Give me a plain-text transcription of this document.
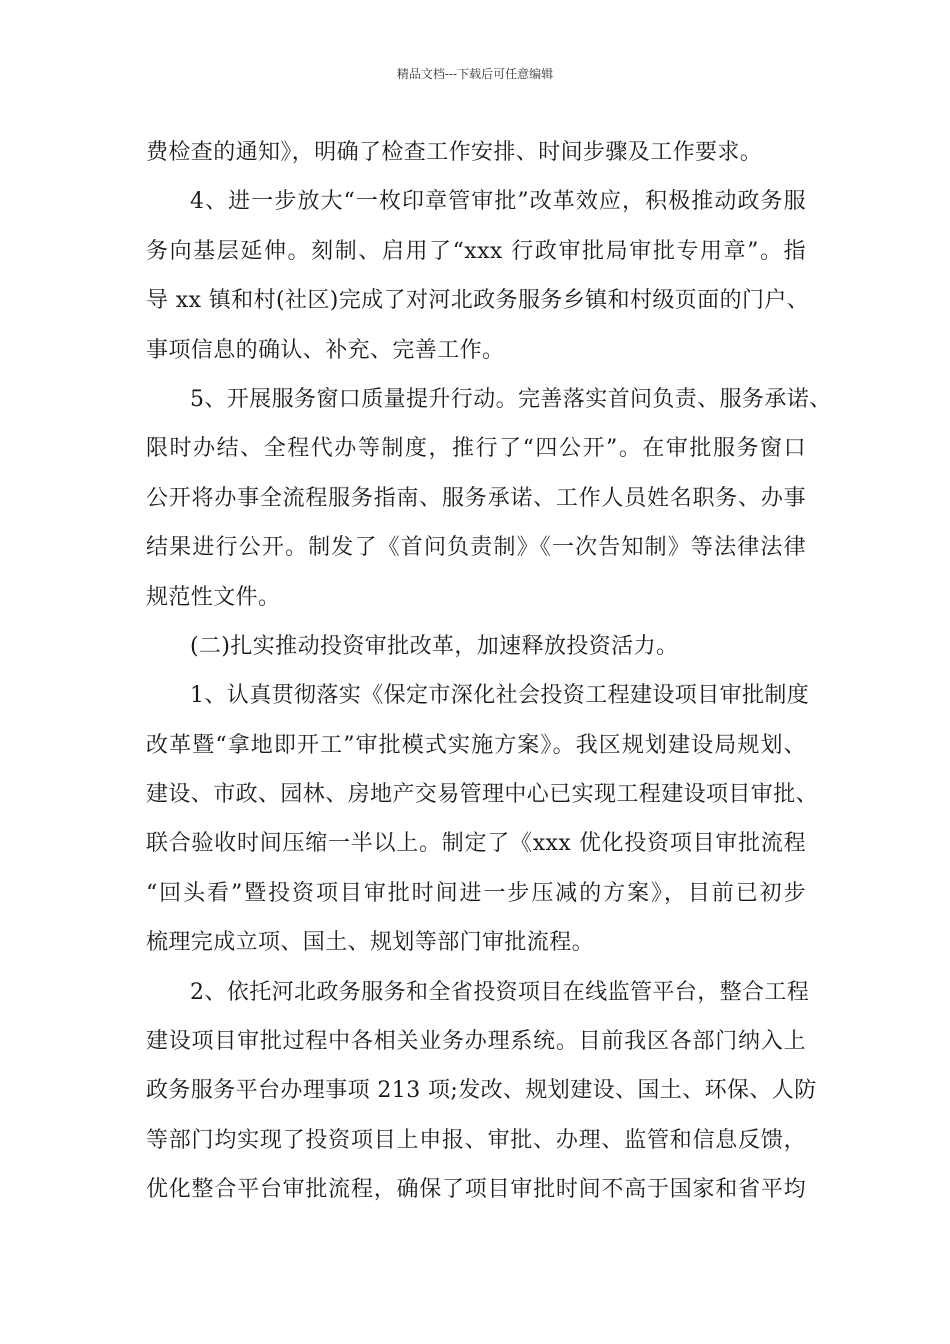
精品文档---下载后可任意编辑
费检查的通知》，明确了检查工作安排、时间步骤及工作要求。
4、进一步放大“一枚印章管审批”改革效应，积极推动政务服
务向基层延伸。刻制、启用了“xxx 行政审批局审批专用章”。指
导 xx 镇和村(社区)完成了对河北政务服务乡镇和村级页面的门户、
事项信息的确认、补充、完善工作。
5、开展服务窗口质量提升行动。完善落实首问负责、服务承诺、
限时办结、全程代办等制度，推行了“四公开”。在审批服务窗口
公开将办事全流程服务指南、服务承诺、工作人员姓名职务、办事
结果进行公开。制发了《首问负责制》《一次告知制》等法律法律
规范性文件。
(二)扎实推动投资审批改革，加速释放投资活力。
1、认真贯彻落实《保定市深化社会投资工程建设项目审批制度
改革暨“拿地即开工”审批模式实施方案》。我区规划建设局规划、
建设、市政、园林、房地产交易管理中心已实现工程建设项目审批、
联合验收时间压缩一半以上。制定了《xxx 优化投资项目审批流程
“回头看”暨投资项目审批时间进一步压减的方案》，目前已初步
梳理完成立项、国土、规划等部门审批流程。
2、依托河北政务服务和全省投资项目在线监管平台，整合工程
建设项目审批过程中各相关业务办理系统。目前我区各部门纳入上
政务服务平台办理事项 213 项;发改、规划建设、国土、环保、人防
等部门均实现了投资项目上申报、审批、办理、监管和信息反馈，
优化整合平台审批流程，确保了项目审批时间不高于国家和省平均
